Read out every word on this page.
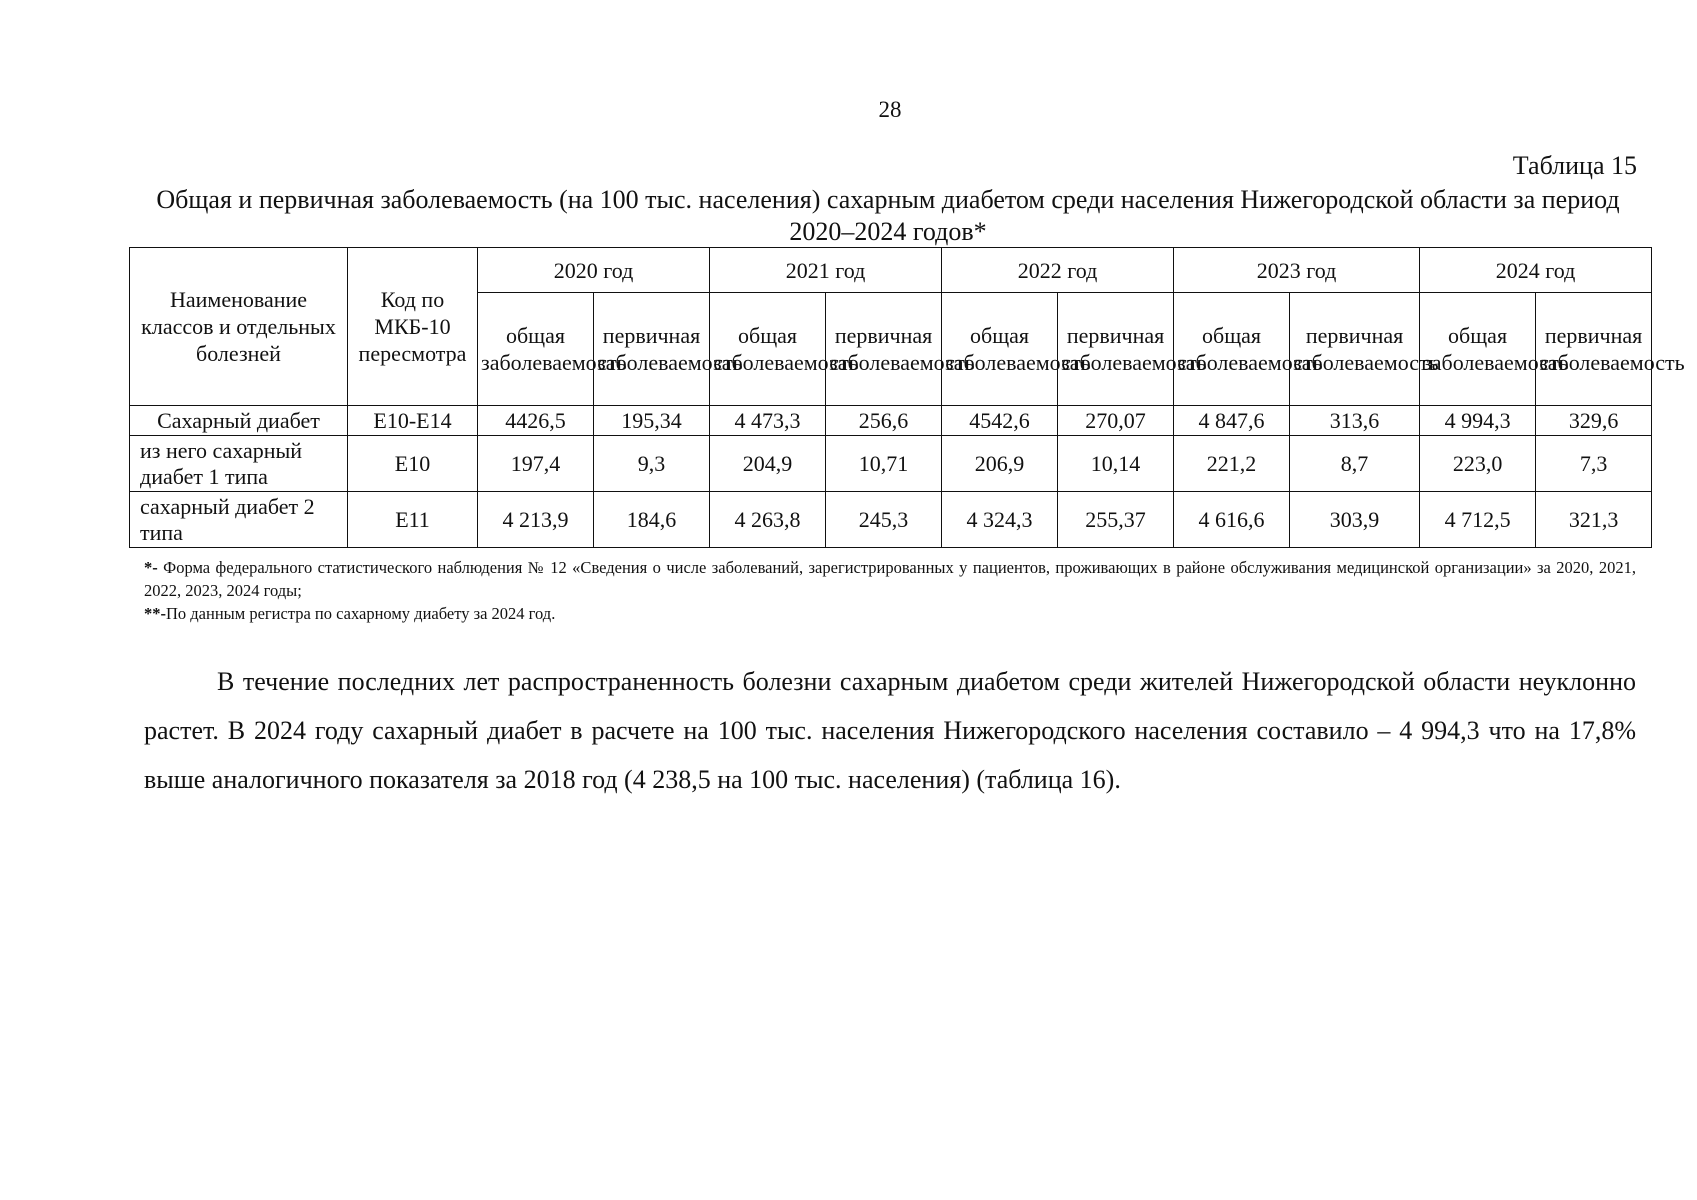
28
Таблица 15
Общая и первичная заболеваемость (на 100 тыс. населения) сахарным диабетом среди населения Нижегородской области за период 2020–2024 годов*
Наименование классов и отдельных болезней	Код по МКБ-10 пересмотра	2020 год		2021 год		2022 год		2023 год		2024 год	
		общая заболеваемость	первичная заболеваемость	общая заболеваемость	первичная заболеваемость	общая заболеваемость	первичная заболеваемость	общая заболеваемость	первичная заболеваемость	общая заболеваемость	первичная заболеваемость
Сахарный диабет	Е10-Е14	4426,5	195,34	4 473,3	256,6	4542,6	270,07	4 847,6	313,6	4 994,3	329,6
из него сахарный диабет 1 типа	Е10	197,4	9,3	204,9	10,71	206,9	10,14	221,2	8,7	223,0	7,3
сахарный диабет 2 типа	Е11	4 213,9	184,6	4 263,8	245,3	4 324,3	255,37	4 616,6	303,9	4 712,5	321,3

*- Форма федерального статистического наблюдения № 12 «Сведения о числе заболеваний, зарегистрированных у пациентов, проживающих в районе обслуживания медицинской организации» за 2020, 2021, 2022, 2023, 2024 годы;

**-По данным регистра по сахарному диабету за 2024 год.

В течение последних лет распространенность болезни сахарным диабетом среди жителей Нижегородской области неуклонно растет. В 2024 году сахарный диабет в расчете на 100 тыс. населения Нижегородского населения составило – 4 994,3 что на 17,8% выше аналогичного показателя за 2018 год (4 238,5 на 100 тыс. населения) (таблица 16).
